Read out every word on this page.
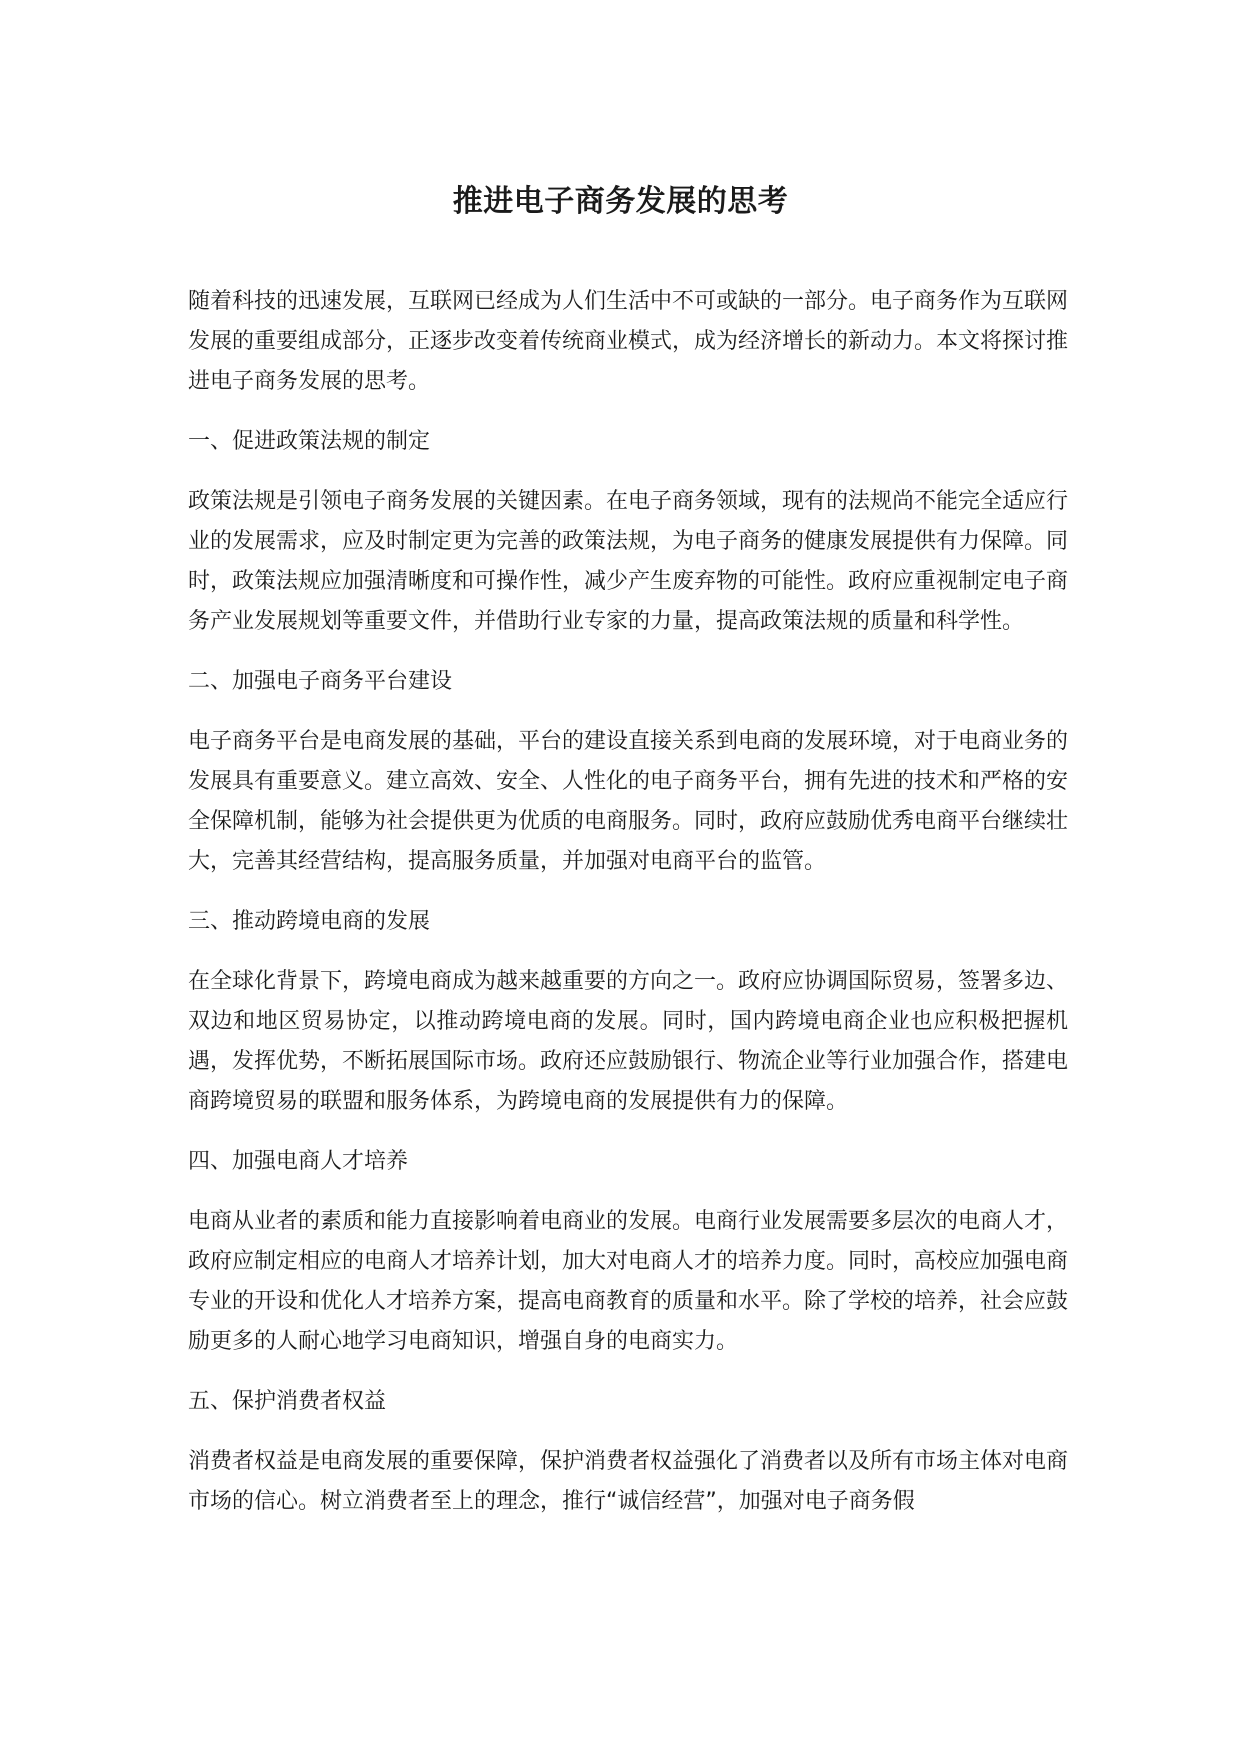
推进电子商务发展的思考

随着科技的迅速发展，互联网已经成为人们生活中不可或缺的一部分。电子商务作为互联网发展的重要组成部分，正逐步改变着传统商业模式，成为经济增长的新动力。本文将探讨推进电子商务发展的思考。

一、促进政策法规的制定

政策法规是引领电子商务发展的关键因素。在电子商务领域，现有的法规尚不能完全适应行业的发展需求，应及时制定更为完善的政策法规，为电子商务的健康发展提供有力保障。同时，政策法规应加强清晰度和可操作性，减少产生废弃物的可能性。政府应重视制定电子商务产业发展规划等重要文件，并借助行业专家的力量，提高政策法规的质量和科学性。

二、加强电子商务平台建设

电子商务平台是电商发展的基础，平台的建设直接关系到电商的发展环境，对于电商业务的发展具有重要意义。建立高效、安全、人性化的电子商务平台，拥有先进的技术和严格的安全保障机制，能够为社会提供更为优质的电商服务。同时，政府应鼓励优秀电商平台继续壮大，完善其经营结构，提高服务质量，并加强对电商平台的监管。

三、推动跨境电商的发展

在全球化背景下，跨境电商成为越来越重要的方向之一。政府应协调国际贸易，签署多边、双边和地区贸易协定，以推动跨境电商的发展。同时，国内跨境电商企业也应积极把握机遇，发挥优势，不断拓展国际市场。政府还应鼓励银行、物流企业等行业加强合作，搭建电商跨境贸易的联盟和服务体系，为跨境电商的发展提供有力的保障。

四、加强电商人才培养

电商从业者的素质和能力直接影响着电商业的发展。电商行业发展需要多层次的电商人才，政府应制定相应的电商人才培养计划，加大对电商人才的培养力度。同时，高校应加强电商专业的开设和优化人才培养方案，提高电商教育的质量和水平。除了学校的培养，社会应鼓励更多的人耐心地学习电商知识，增强自身的电商实力。

五、保护消费者权益

消费者权益是电商发展的重要保障，保护消费者权益强化了消费者以及所有市场主体对电商市场的信心。树立消费者至上的理念，推行“诚信经营”，加强对电子商务假
